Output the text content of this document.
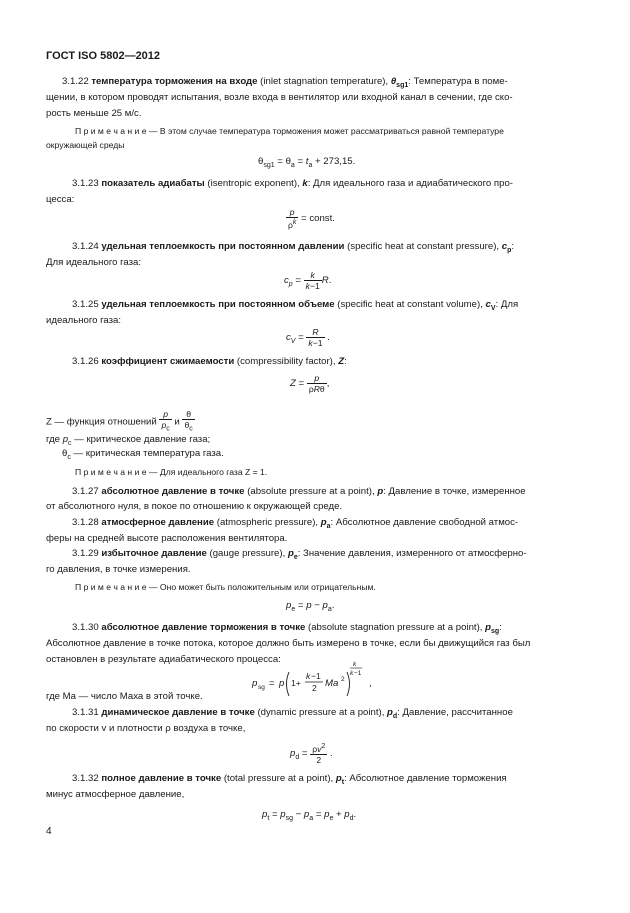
ГОСТ ISO 5802—2012
3.1.22 температура торможения на входе (inlet stagnation temperature), $\theta_{sg1}$: Температура в поме-
щении, в котором проводят испытания, возле входа в вентилятор или входной канал в сечении, где ско-
рость меньше 25 м/с.
П р и м е ч а н и е — В этом случае температура торможения может рассматриваться равной температуре
окружающей среды
$\theta_{sg1} = \theta_a = t_a + 273,15$.
3.1.23 показатель адиабаты (isentropic exponent), k: Для идеального газа и адиабатического про-
цесса:
$\frac{p}{\rho^k}$ = const.
3.1.24 удельная теплоемкость при постоянном давлении (specific heat at constant pressure), $c_p$:
Для идеального газа:
$c_p = \frac{k}{k-1} R$.
3.1.25 удельная теплоемкость при постоянном объеме (specific heat at constant volume), $c_V$: Для
идеального газа:
$c_V = \frac{R}{k-1}$ .
3.1.26 коэффициент сжимаемости (compressibility factor), Z:
Z =
p
ρRθ ,
Z — функция отношений $\frac{p}{p_c}$ и $\frac{\theta}{\theta_c}$
где $p_c$ — критическое давление газа;
$\theta_c$ — критическая температура газа.
П р и м е ч а н и е — Для идеального газа Z = 1.
3.1.27 абсолютное давление в точке (absolute pressure at a point), p: Давление в точке, измеренное
от абсолютного нуля, в покое по отношению к окружающей среде.
3.1.28 атмосферное давление (atmospheric pressure), $p_a$: Абсолютное давление свободной атмос-
феры на средней высоте расположения вентилятора.
3.1.29 избыточное давление (gauge pressure), $p_e$: Значение давления, измеренного от атмосферно-
го давления, в точке измерения.
П р и м е ч а н и е — Оно может быть положительным или отрицательным.
$p_e = p - p_a$.
3.1.30 абсолютное давление торможения в точке (absolute stagnation pressure at a point), $p_{sg}$:
Абсолютное давление в точке потока, которое должно быть измерено в точке, если бы движущийся газ был
остановлен в результате адиабатического процесса:
p sg = p 1+
k −1
2 Ma 2
k
k −1
,
где Ma — число Маха в этой точке.
3.1.31 динамическое давление в точке (dynamic pressure at a point), $p_d$: Давление, рассчитанное
по скорости v и плотности ρ воздуха в точке,
$p_d = \frac{\rho v^2}{2}$ .
3.1.32 полное давление в точке (total pressure at a point), $p_t$: Абсолютное давление торможения
минус атмосферное давление,
$p_t = p_{sg} - p_a = p_e + p_d$.
4
